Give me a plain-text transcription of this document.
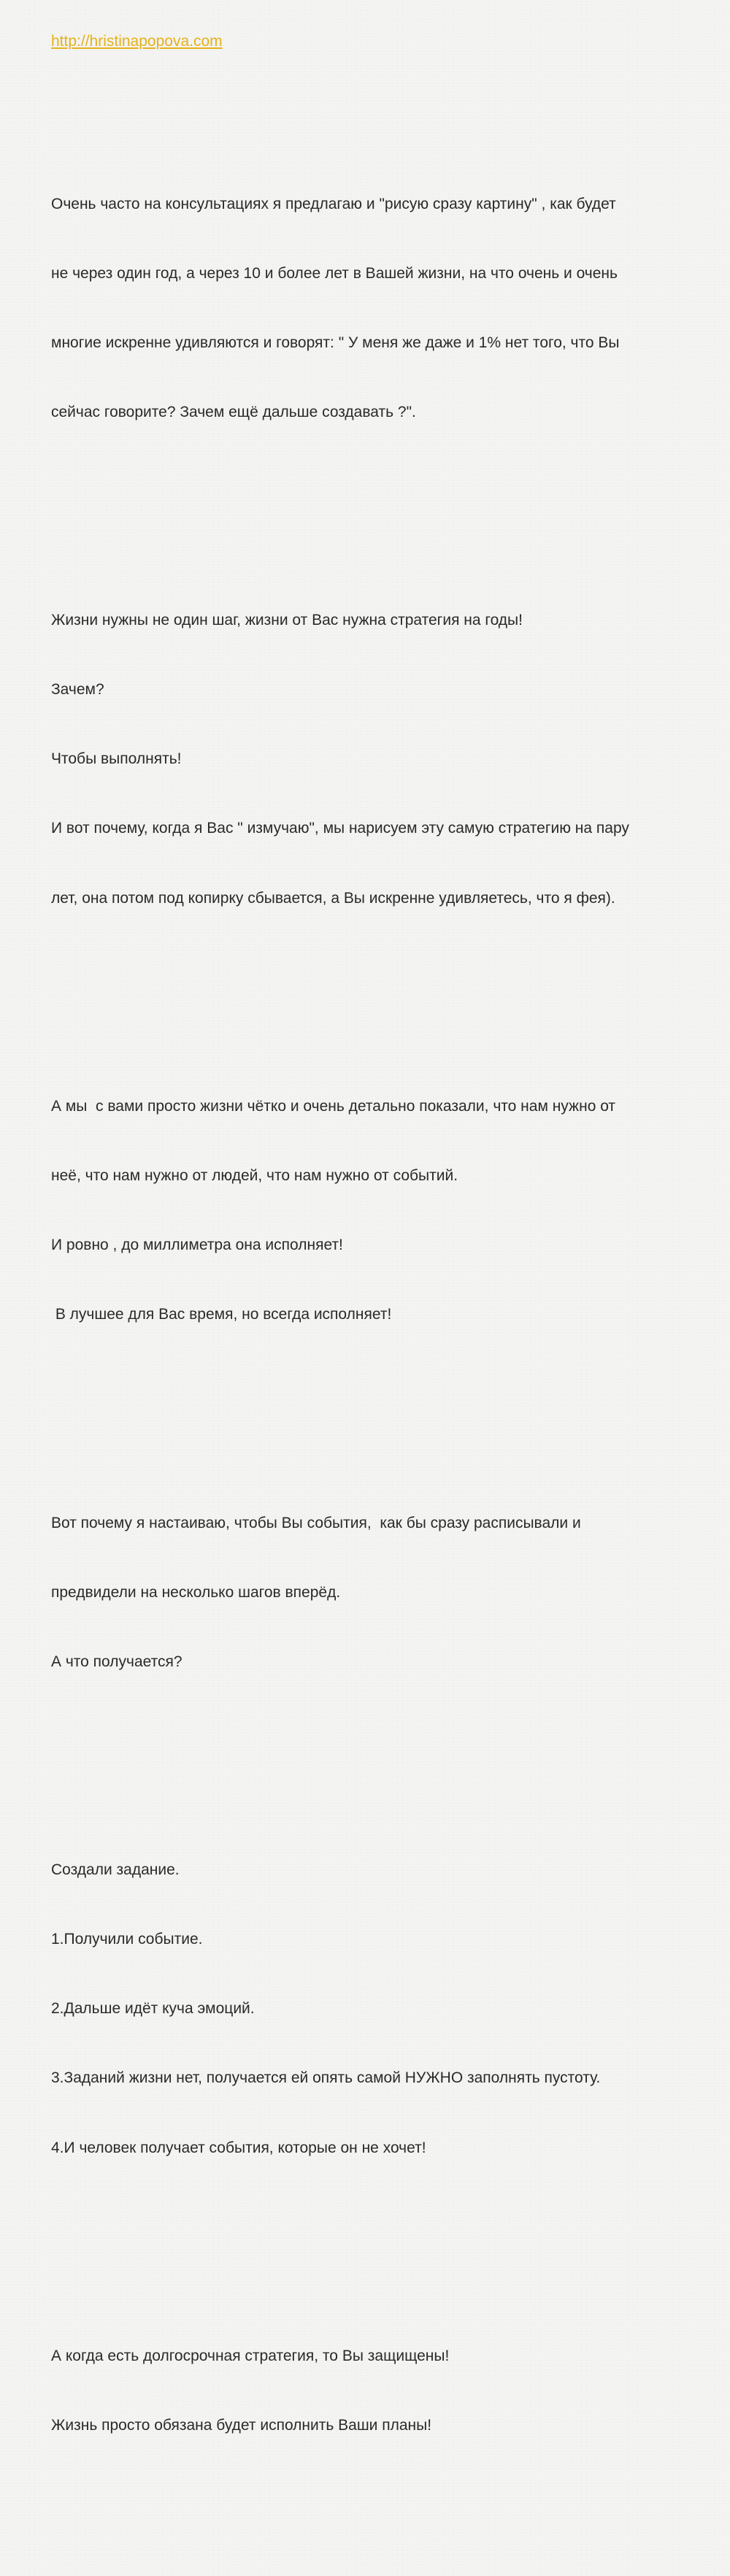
http://hristinapopova.com

Очень часто на консультациях я предлагаю и "рисую сразу картину" , как будет

не через один год, а через 10 и более лет в Вашей жизни, на что очень и очень

многие искренне удивляются и говорят: " У меня же даже и 1% нет того, что Вы

сейчас говорите? Зачем ещё дальше создавать ?".

Жизни нужны не один шаг, жизни от Вас нужна стратегия на годы!

Зачем?

Чтобы выполнять!

И вот почему, когда я Вас " измучаю", мы нарисуем эту самую стратегию на пару

лет, она потом под копирку сбывается, а Вы искренне удивляетесь, что я фея).

А мы  с вами просто жизни чётко и очень детально показали, что нам нужно от

неё, что нам нужно от людей, что нам нужно от событий.

И ровно , до миллиметра она исполняет!

В лучшее для Вас время, но всегда исполняет!

Вот почему я настаиваю, чтобы Вы события,  как бы сразу расписывали и

предвидели на несколько шагов вперёд.

А что получается?

Создали задание.

1.Получили событие.

2.Дальше идёт куча эмоций.

3.Заданий жизни нет, получается ей опять самой НУЖНО заполнять пустоту.

4.И человек получает события, которые он не хочет!

А когда есть долгосрочная стратегия, то Вы защищены!

Жизнь просто обязана будет исполнить Ваши планы!
